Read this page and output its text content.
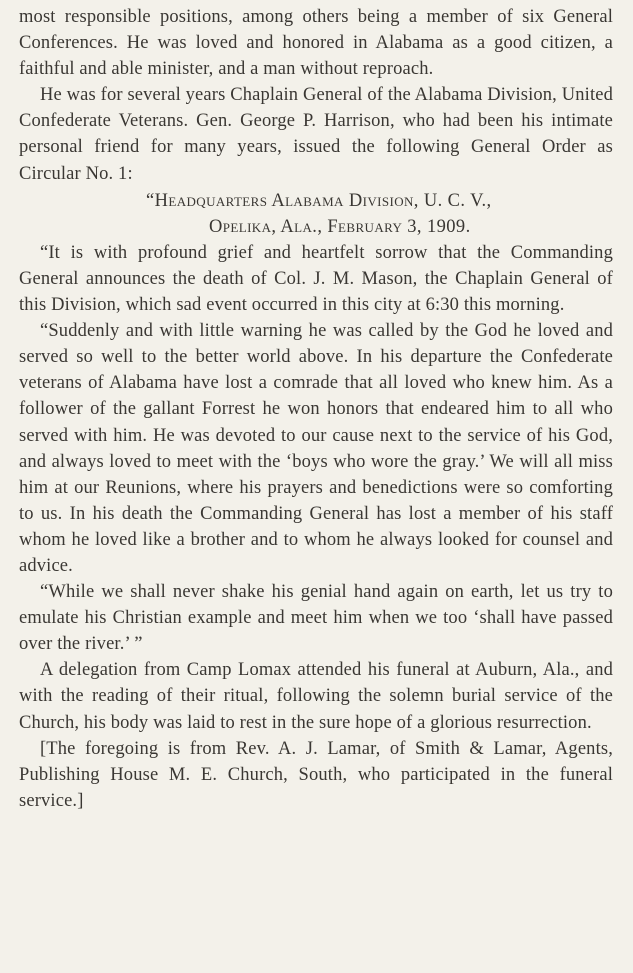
most responsible positions, among others being a member of six General Conferences. He was loved and honored in Alabama as a good citizen, a faithful and able minister, and a man without reproach.

He was for several years Chaplain General of the Alabama Division, United Confederate Veterans. Gen. George P. Harrison, who had been his intimate personal friend for many years, issued the following General Order as Circular No. 1:

“Headquarters Alabama Division, U. C. V.,
Opelika, Ala., February 3, 1909.

“It is with profound grief and heartfelt sorrow that the Commanding General announces the death of Col. J. M. Mason, the Chaplain General of this Division, which sad event occurred in this city at 6:30 this morning.

“Suddenly and with little warning he was called by the God he loved and served so well to the better world above. In his departure the Confederate veterans of Alabama have lost a comrade that all loved who knew him. As a follower of the gallant Forrest he won honors that endeared him to all who served with him. He was devoted to our cause next to the service of his God, and always loved to meet with the ‘boys who wore the gray.’ We will all miss him at our Reunions, where his prayers and benedictions were so comforting to us. In his death the Commanding General has lost a member of his staff whom he loved like a brother and to whom he always looked for counsel and advice.

“While we shall never shake his genial hand again on earth, let us try to emulate his Christian example and meet him when we too ‘shall have passed over the river.’ ”

A delegation from Camp Lomax attended his funeral at Auburn, Ala., and with the reading of their ritual, following the solemn burial service of the Church, his body was laid to rest in the sure hope of a glorious resurrection.

[The foregoing is from Rev. A. J. Lamar, of Smith & Lamar, Agents, Publishing House M. E. Church, South, who participated in the funeral service.]
